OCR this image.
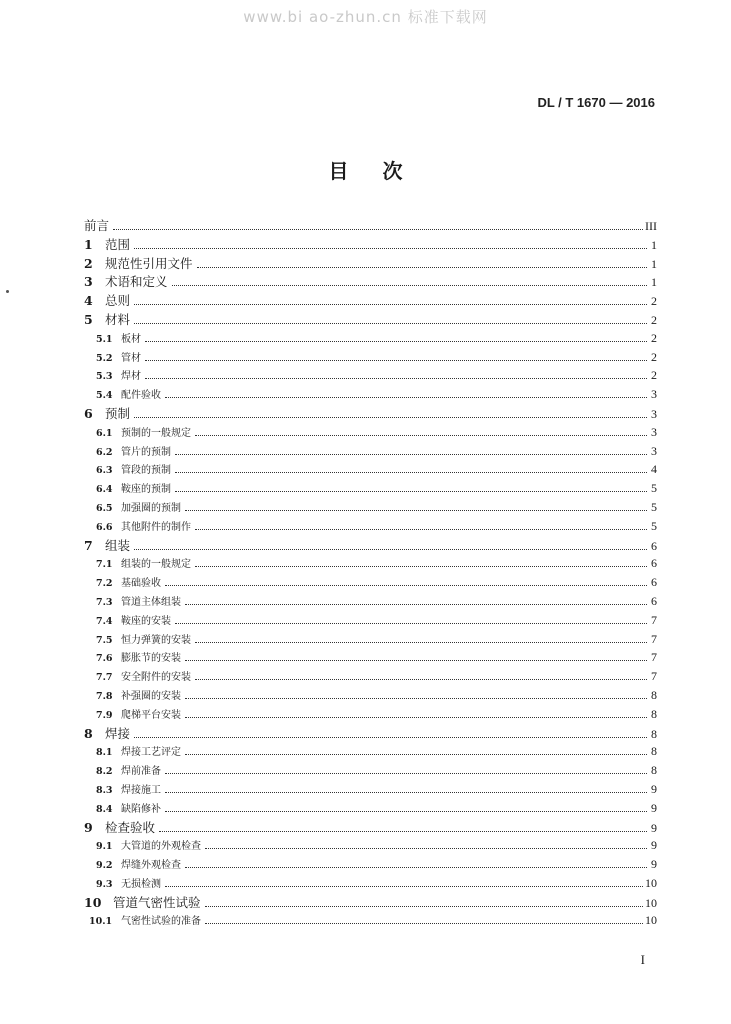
www.bi ao-zhun.cn 标准下载网
DL / T 1670 — 2016
目次
前言	III
1 范围	1
2 规范性引用文件	1
3 术语和定义	1
4 总则	2
5 材料	2
5.1 板材	2
5.2 管材	2
5.3 焊材	2
5.4 配件验收	3
6 预制	3
6.1 预制的一般规定	3
6.2 管片的预制	3
6.3 管段的预制	4
6.4 鞍座的预制	5
6.5 加强圈的预制	5
6.6 其他附件的制作	5
7 组装	6
7.1 组装的一般规定	6
7.2 基础验收	6
7.3 管道主体组装	6
7.4 鞍座的安装	7
7.5 恒力弹簧的安装	7
7.6 膨胀节的安装	7
7.7 安全附件的安装	7
7.8 补强圈的安装	8
7.9 爬梯平台安装	8
8 焊接	8
8.1 焊接工艺评定	8
8.2 焊前准备	8
8.3 焊接施工	9
8.4 缺陷修补	9
9 检查验收	9
9.1 大管道的外观检查	9
9.2 焊缝外观检查	9
9.3 无损检测	10
10 管道气密性试验	10
10.1 气密性试验的准备	10
I
